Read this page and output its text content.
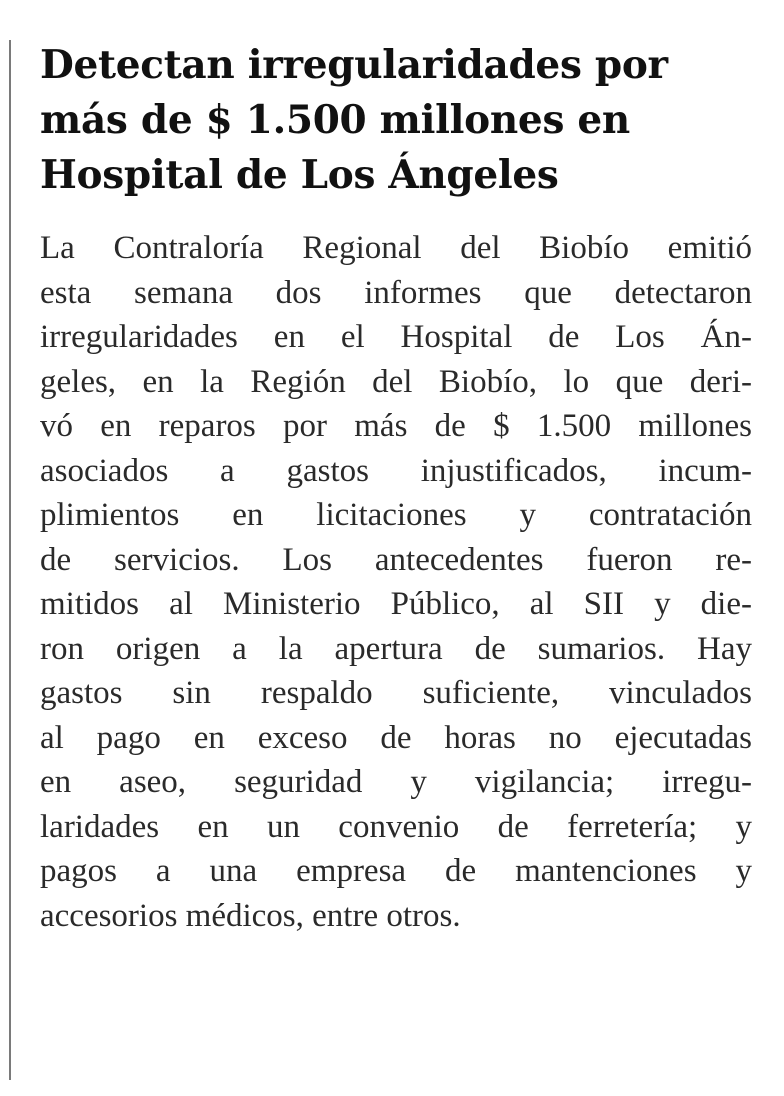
Detectan irregularidades por
más de $ 1.500 millones en
Hospital de Los Ángeles
La Contraloría Regional del Biobío emitió
esta semana dos informes que detectaron
irregularidades en el Hospital de Los Án-
geles, en la Región del Biobío, lo que deri-
vó en reparos por más de $ 1.500 millones
asociados a gastos injustificados, incum-
plimientos en licitaciones y contratación
de servicios. Los antecedentes fueron re-
mitidos al Ministerio Público, al SII y die-
ron origen a la apertura de sumarios. Hay
gastos sin respaldo suficiente, vinculados
al pago en exceso de horas no ejecutadas
en aseo, seguridad y vigilancia; irregu-
laridades en un convenio de ferretería; y
pagos a una empresa de mantenciones y
accesorios médicos, entre otros.
